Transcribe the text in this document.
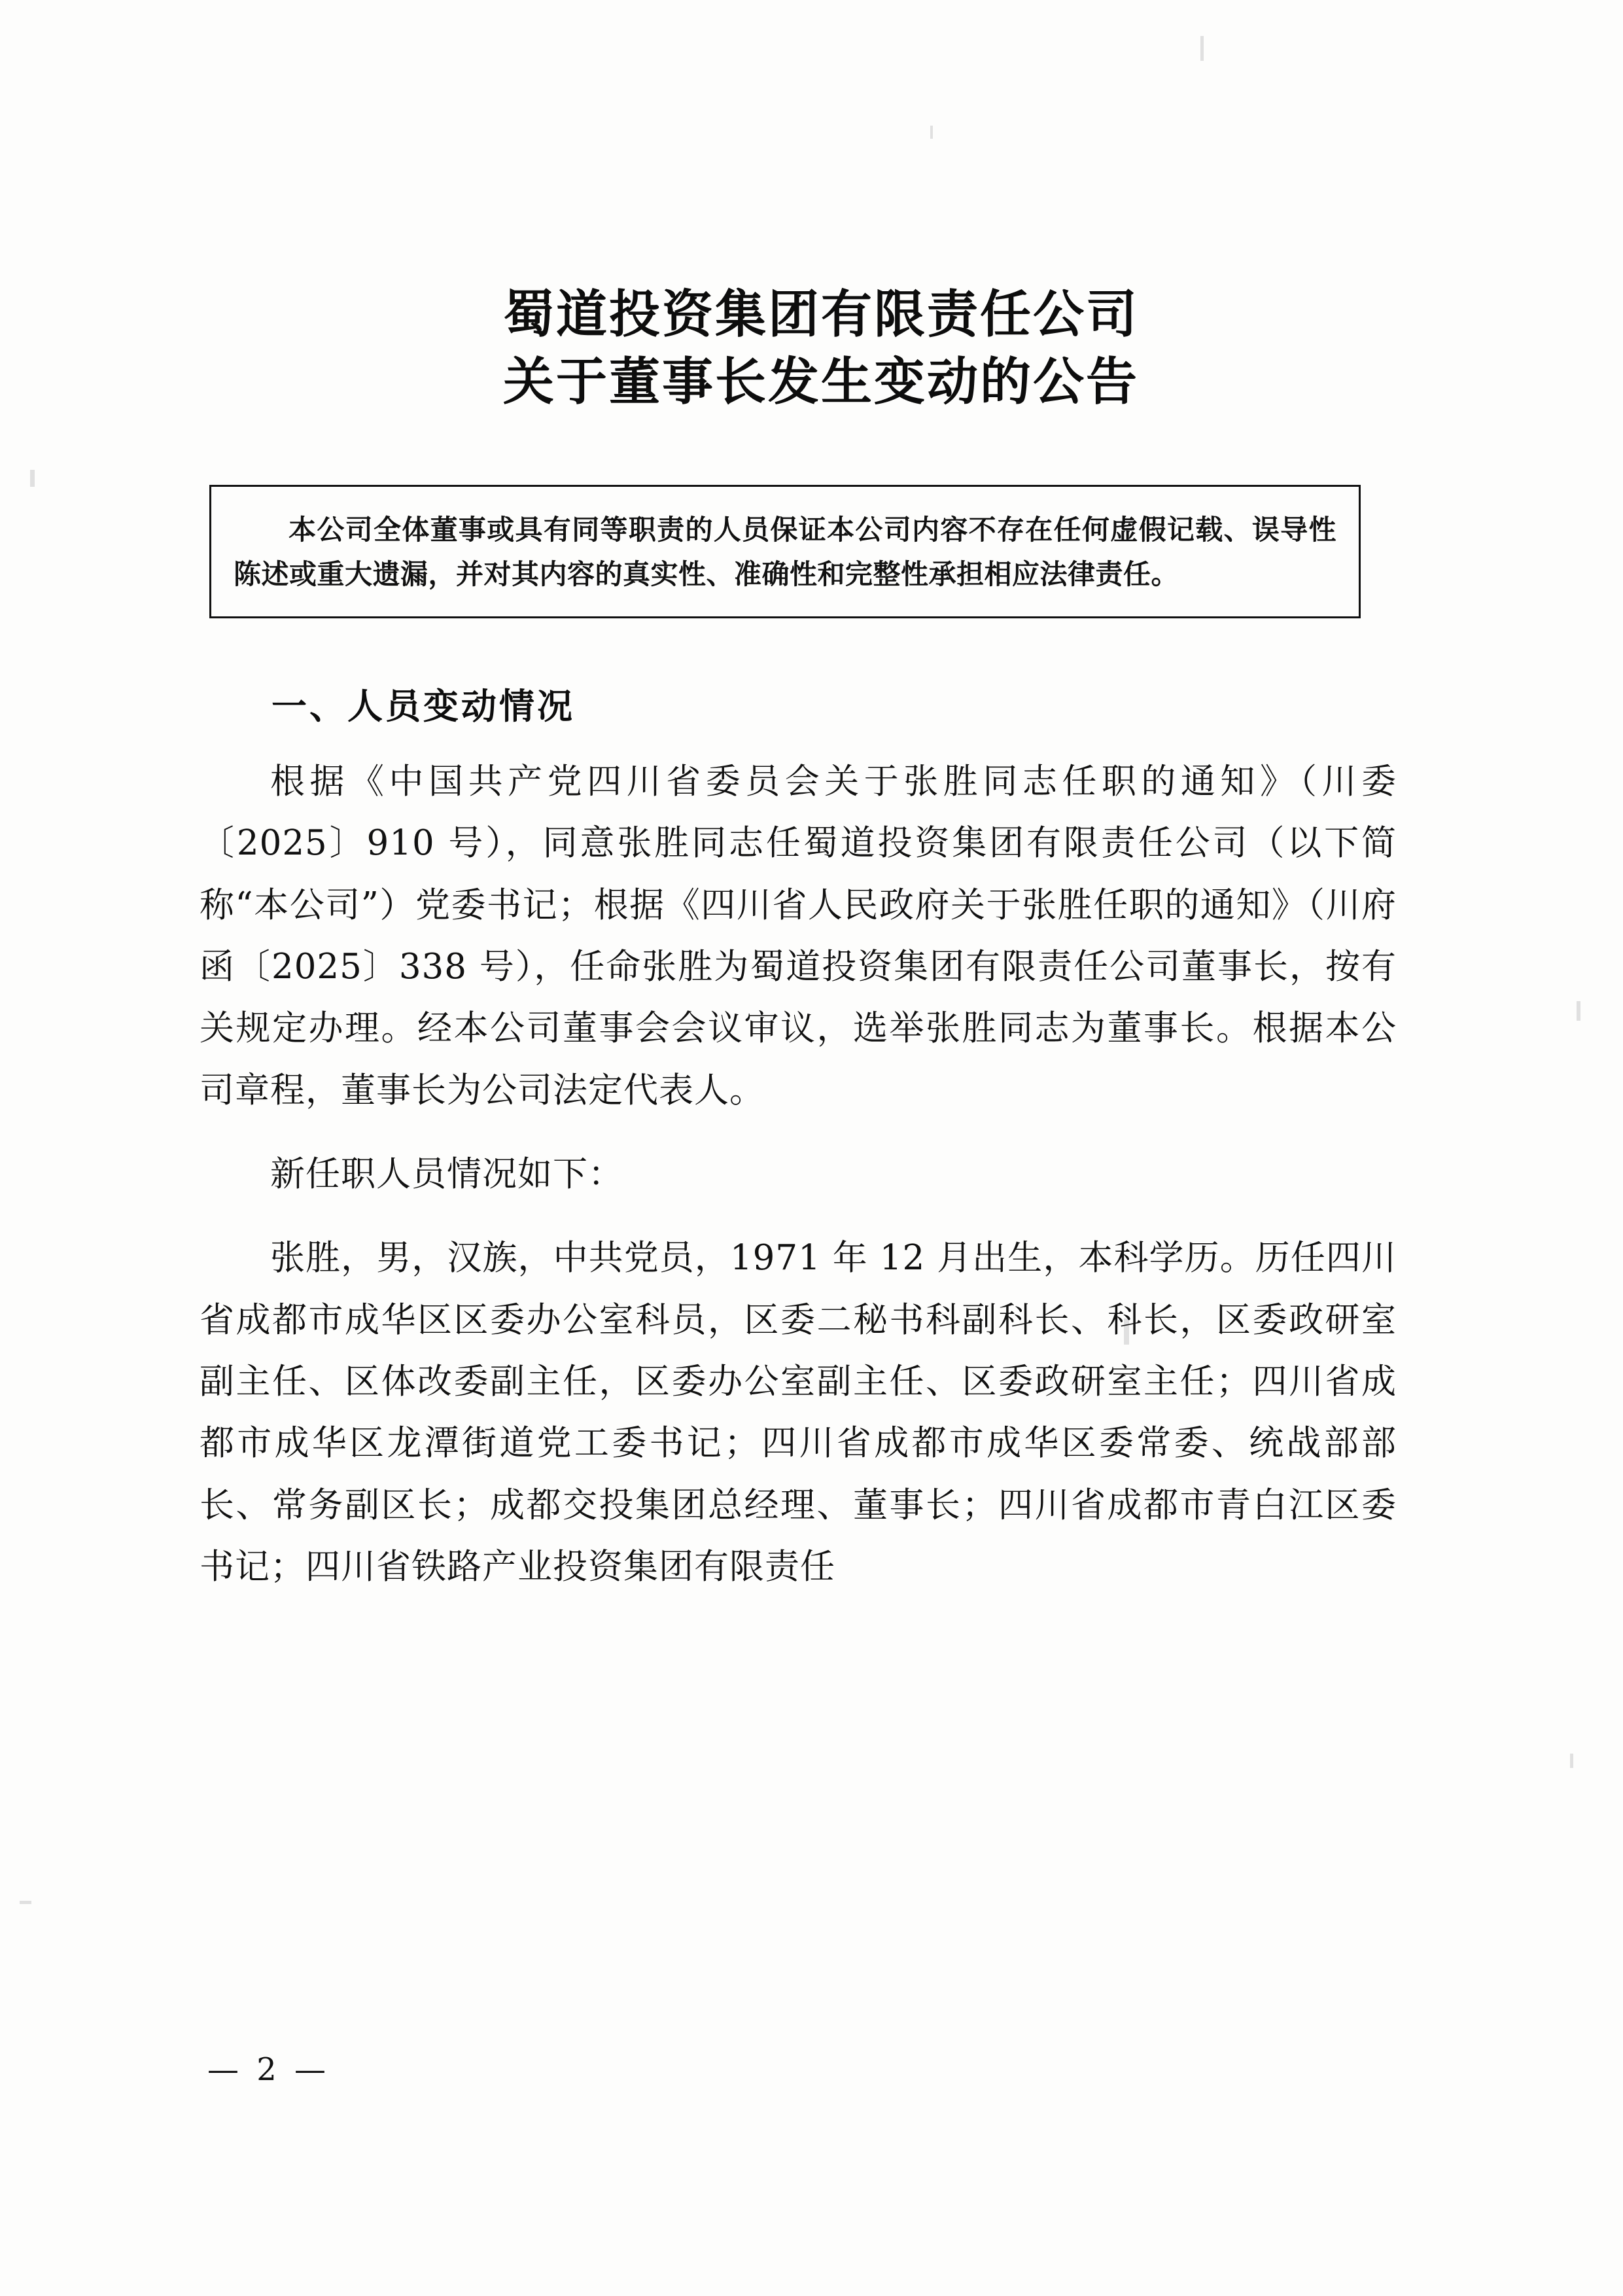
蜀道投资集团有限责任公司
关于董事长发生变动的公告

本公司全体董事或具有同等职责的人员保证本公司内容不存在任何虚假记载、误导性陈述或重大遗漏，并对其内容的真实性、准确性和完整性承担相应法律责任。

一、人员变动情况

根据《中国共产党四川省委员会关于张胜同志任职的通知》（川委〔2025〕910 号），同意张胜同志任蜀道投资集团有限责任公司（以下简称“本公司”）党委书记；根据《四川省人民政府关于张胜任职的通知》（川府函〔2025〕338 号），任命张胜为蜀道投资集团有限责任公司董事长，按有关规定办理。经本公司董事会会议审议，选举张胜同志为董事长。根据本公司章程，董事长为公司法定代表人。

新任职人员情况如下：

张胜，男，汉族，中共党员，1971 年 12 月出生，本科学历。历任四川省成都市成华区区委办公室科员，区委二秘书科副科长、科长，区委政研室副主任、区体改委副主任，区委办公室副主任、区委政研室主任；四川省成都市成华区龙潭街道党工委书记；四川省成都市成华区委常委、统战部部长、常务副区长；成都交投集团总经理、董事长；四川省成都市青白江区委书记；四川省铁路产业投资集团有限责任

— 2 —
